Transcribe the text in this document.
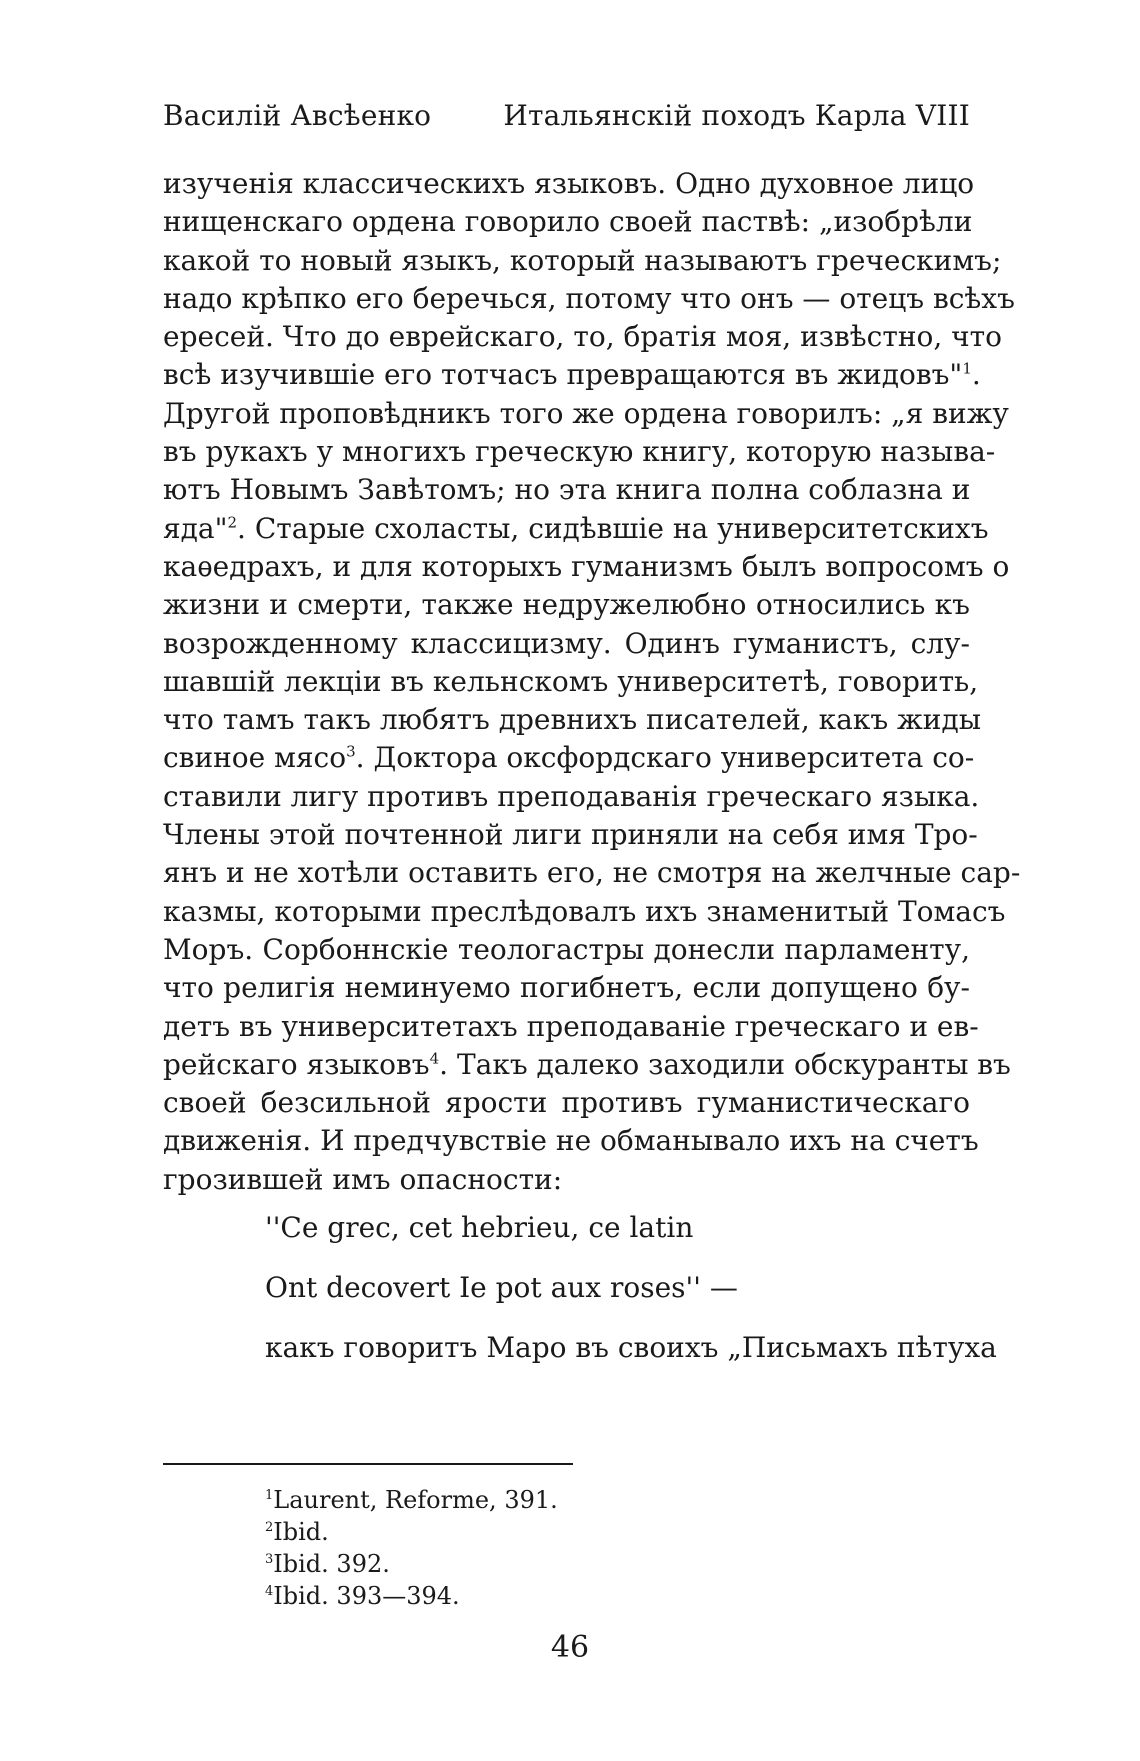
Василій Авсѣенко	Итальянскій походъ Карла VIII
изученія классическихъ языковъ. Одно духовное лицо
нищенскаго ордена говорило своей паствѣ: „изобрѣли
какой то новый языкъ, который называютъ греческимъ;
надо крѣпко его беречься, потому что онъ — отецъ всѣхъ
ересей. Что до еврейскаго, то, братія моя, извѣстно, что
всѣ изучившіе его тотчасъ превращаются въ жидовъ"$^1$.
Другой проповѣдникъ того же ордена говорилъ: „я вижу
въ рукахъ у многихъ греческую книгу, которую называ-
ютъ Новымъ Завѣтомъ; но эта книга полна соблазна и
яда"$^2$. Старые схоласты, сидѣвшіе на университетскихъ
каѳедрахъ, и для которыхъ гуманизмъ былъ вопросомъ о
жизни и смерти, также недружелюбно относились къ
возрожденному классицизму. Одинъ гуманистъ, слу-
шавшій лекціи въ кельнскомъ университетѣ, говорить,
что тамъ такъ любятъ древнихъ писателей, какъ жиды
свиное мясо$^3$. Доктора оксфордскаго университета со-
ставили лигу противъ преподаванія греческаго языка.
Члены этой почтенной лиги приняли на себя имя Тро-
янъ и не хотѣли оставить его, не смотря на желчные сар-
казмы, которыми преслѣдовалъ ихъ знаменитый Томасъ
Моръ. Сорбоннскіе теологастры донесли парламенту,
что религія неминуемо погибнетъ, если допущено бу-
детъ въ университетахъ преподаваніе греческаго и ев-
рейскаго языковъ$^4$. Такъ далеко заходили обскуранты въ
своей безсильной ярости противъ гуманистическаго
движенія. И предчувствіе не обманывало ихъ на счетъ
грозившей имъ опасности:
''Ce grec, cet hebrieu, ce latin
Ont decovert Ie pot aux roses'' —
какъ говоритъ Маро въ своихъ „Письмахъ пѣтуха
$^1$Laurent, Reforme, 391.
$^2$Ibid.
$^3$Ibid. 392.
$^4$Ibid. 393—394.
46
